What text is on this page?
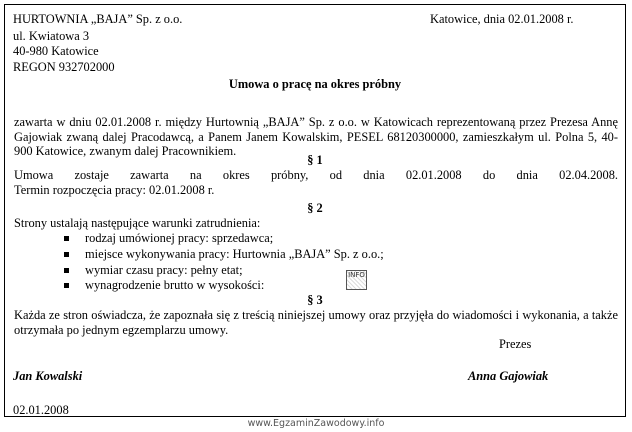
HURTOWNIA „BAJA” Sp. z o.o.	Katowice, dnia 02.01.2008 r.
ul. Kwiatowa 3
40-980 Katowice
REGON 932702000
Umowa o pracę na okres próbny
zawarta w dniu 02.01.2008 r. między Hurtownią „BAJA” Sp. z o.o. w Katowicach reprezentowaną przez Prezesa Annę Gajowiak zwaną dalej Pracodawcą, a Panem Janem Kowalskim, PESEL 68120300000, zamieszkałym ul. Polna 5, 40-900 Katowice, zwanym dalej Pracownikiem.
§ 1
Umowa zostaje zawarta na okres próbny, od dnia 02.01.2008 do dnia 02.04.2008.
Termin rozpoczęcia pracy: 02.01.2008 r.
§ 2
Strony ustalają następujące warunki zatrudnienia:
rodzaj umówionej pracy: sprzedawca;
miejsce wykonywania pracy: Hurtownia „BAJA” Sp. z o.o.;
wymiar czasu pracy: pełny etat;
wynagrodzenie brutto w wysokości:
INFO
§ 3
Każda ze stron oświadcza, że zapoznała się z treścią niniejszej umowy oraz przyjęła do wiadomości i wykonania, a także otrzymała po jednym egzemplarzu umowy.
Prezes
Jan Kowalski	Anna Gajowiak
02.01.2008
www.EgzaminZawodowy.info
